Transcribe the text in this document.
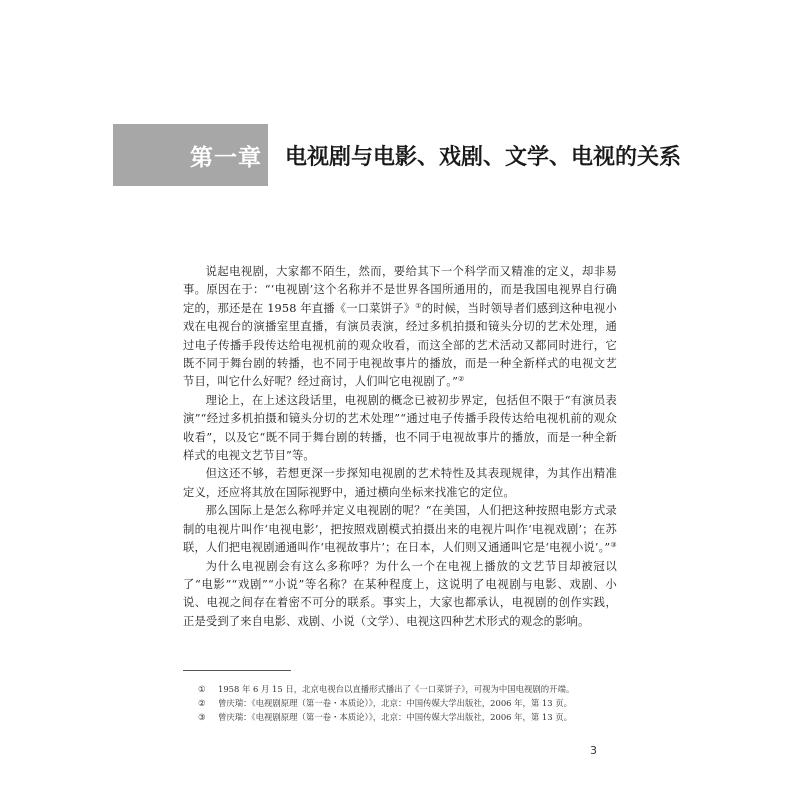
第一章 电视剧与电影、戏剧、文学、电视的关系

说起电视剧，大家都不陌生，然而，要给其下一个科学而又精准的定义，却非易事。原因在于：“‘电视剧’这个名称并不是世界各国所通用的，而是我国电视界自行确定的，那还是在 1958 年直播《一口菜饼子》①的时候，当时领导者们感到这种电视小戏在电视台的演播室里直播，有演员表演，经过多机拍摄和镜头分切的艺术处理，通过电子传播手段传达给电视机前的观众收看，而这全部的艺术活动又都同时进行，它既不同于舞台剧的转播，也不同于电视故事片的播放，而是一种全新样式的电视文艺节目，叫它什么好呢？经过商讨，人们叫它电视剧了。”②

理论上，在上述这段话里，电视剧的概念已被初步界定，包括但不限于“有演员表演”“经过多机拍摄和镜头分切的艺术处理”“通过电子传播手段传达给电视机前的观众收看”，以及它“既不同于舞台剧的转播，也不同于电视故事片的播放，而是一种全新样式的电视文艺节目”等。

但这还不够，若想更深一步探知电视剧的艺术特性及其表现规律，为其作出精准定义，还应将其放在国际视野中，通过横向坐标来找准它的定位。

那么国际上是怎么称呼并定义电视剧的呢？“在美国，人们把这种按照电影方式录制的电视片叫作‘电视电影’，把按照戏剧模式拍摄出来的电视片叫作‘电视戏剧’；在苏联，人们把电视剧通通叫作‘电视故事片’；在日本，人们则又通通叫它是‘电视小说’。”③

为什么电视剧会有这么多称呼？为什么一个在电视上播放的文艺节目却被冠以了“电影”“戏剧”“小说”等名称？在某种程度上，这说明了电视剧与电影、戏剧、小说、电视之间存在着密不可分的联系。事实上，大家也都承认，电视剧的创作实践，正是受到了来自电影、戏剧、小说（文学）、电视这四种艺术形式的观念的影响。

①	1958 年 6 月 15 日，北京电视台以直播形式播出了《一口菜饼子》，可视为中国电视剧的开端。
②	曾庆瑞：《电视剧原理（第一卷・本质论）》，北京：中国传媒大学出版社，2006 年，第 13 页。
③	曾庆瑞：《电视剧原理（第一卷・本质论）》，北京：中国传媒大学出版社，2006 年，第 13 页。
3
